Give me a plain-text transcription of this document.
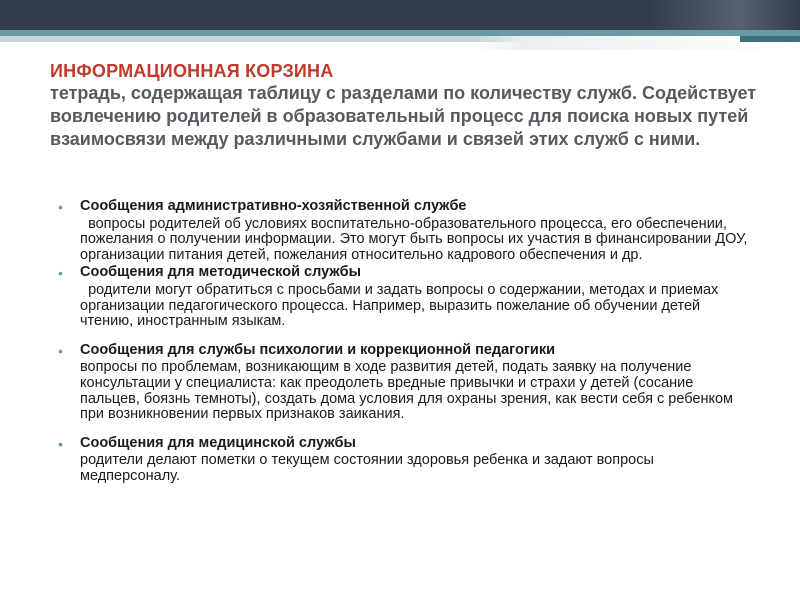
ИНФОРМАЦИОННАЯ КОРЗИНА
тетрадь, содержащая таблицу с разделами по количеству служб. Содействует вовлечению родителей в образовательный процесс для поиска новых путей взаимосвязи между различными службами и связей этих служб с ними.
• Сообщения административно-хозяйственной службе
вопросы родителей об условиях воспитательно-образовательного процесса, его обеспечении, пожелания о получении информации. Это могут быть вопросы их участия в финансировании ДОУ, организации питания детей, пожелания относительно кадрового обеспечения и др.
• Сообщения для методической службы
родители могут обратиться с просьбами и задать вопросы о содержании, методах и приемах организации педагогического процесса. Например, выразить пожелание об обучении детей чтению, иностранным языкам.
• Сообщения для службы психологии и коррекционной педагогики
вопросы по проблемам, возникающим в ходе развития детей, подать заявку на получение консультации у специалиста: как преодолеть вредные привычки и страхи у детей (сосание пальцев, боязнь темноты), создать дома условия для охраны зрения, как вести себя с ребенком при возникновении первых признаков заикания.
• Сообщения для медицинской службы
родители делают пометки о текущем состоянии здоровья ребенка и задают вопросы медперсоналу.
